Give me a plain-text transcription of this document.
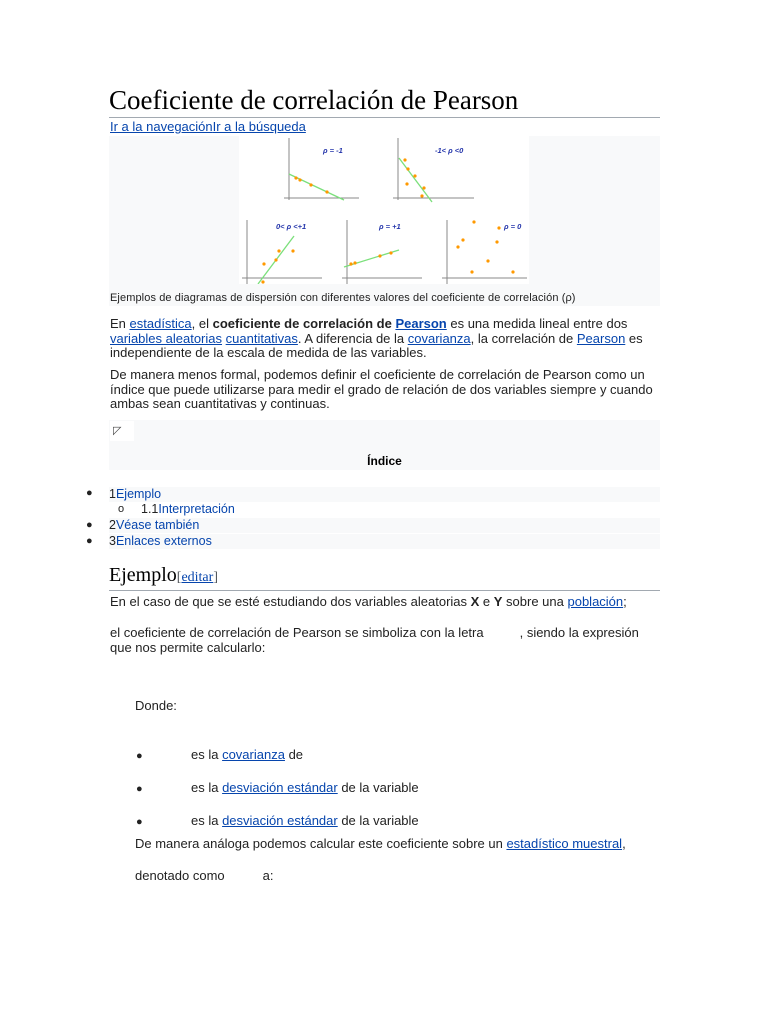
Coeficiente de correlación de Pearson
Ir a la navegaciónIr a la búsqueda
ρ = -1	-1< ρ <0
0< ρ <+1	ρ = +1	ρ = 0
Ejemplos de diagramas de dispersión con diferentes valores del coeficiente de correlación (ρ)
En estadística, el coeficiente de correlación de Pearson es una medida lineal entre dos variables aleatorias cuantitativas. A diferencia de la covarianza, la correlación de Pearson es independiente de la escala de medida de las variables.
De manera menos formal, podemos definir el coeficiente de correlación de Pearson como un índice que puede utilizarse para medir el grado de relación de dos variables siempre y cuando ambas sean cuantitativas y continuas.
◸
Índice
● 1Ejemplo
o	1.1Interpretación
● 2Véase también
● 3Enlaces externos
Ejemplo[editar]
En el caso de que se esté estudiando dos variables aleatorias X e Y sobre una población;
el coeficiente de correlación de Pearson se simboliza con la letra	, siendo la expresión
que nos permite calcularlo:
Donde:
●	es la covarianza de
●	es la desviación estándar de la variable
●	es la desviación estándar de la variable
De manera análoga podemos calcular este coeficiente sobre un estadístico muestral,
denotado como	a:
